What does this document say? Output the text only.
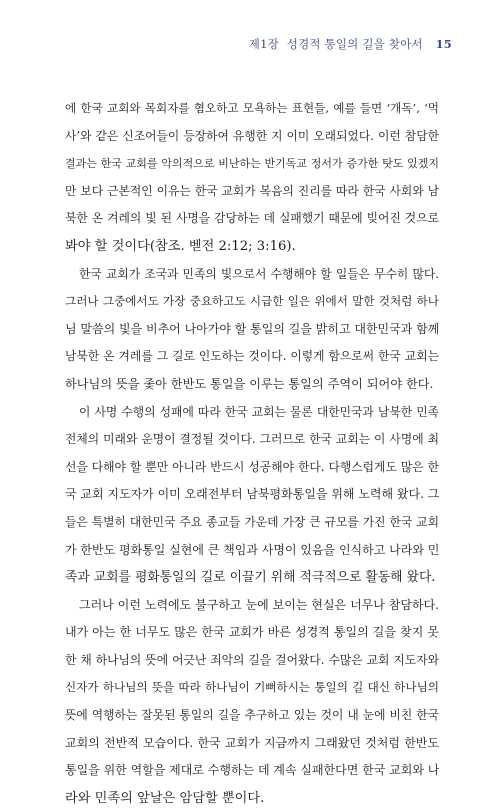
제1장 성경적 통일의 길을 찾아서 15
에 한국 교회와 목회자를 혐오하고 모욕하는 표현들, 예를 들면 ‘개독’, ‘먹
사’와 같은 신조어들이 등장하여 유행한 지 이미 오래되었다. 이런 참담한
결과는 한국 교회를 악의적으로 비난하는 반기독교 정서가 증가한 탓도 있겠지
만 보다 근본적인 이유는 한국 교회가 복음의 진리를 따라 한국 사회와 남
북한 온 겨레의 빛 된 사명을 감당하는 데 실패했기 때문에 빚어진 것으로
봐야 할 것이다(참조. 벧전 2:12; 3:16).
한국 교회가 조국과 민족의 빛으로서 수행해야 할 일들은 무수히 많다.
그러나 그중에서도 가장 중요하고도 시급한 일은 위에서 말한 것처럼 하나
님 말씀의 빛을 비추어 나아가야 할 통일의 길을 밝히고 대한민국과 함께
남북한 온 겨레를 그 길로 인도하는 것이다. 이렇게 함으로써 한국 교회는
하나님의 뜻을 좇아 한반도 통일을 이루는 통일의 주역이 되어야 한다.
이 사명 수행의 성패에 따라 한국 교회는 물론 대한민국과 남북한 민족
전체의 미래와 운명이 결정될 것이다. 그러므로 한국 교회는 이 사명에 최
선을 다해야 할 뿐만 아니라 반드시 성공해야 한다. 다행스럽게도 많은 한
국 교회 지도자가 이미 오래전부터 남북평화통일을 위해 노력해 왔다. 그
들은 특별히 대한민국 주요 종교들 가운데 가장 큰 규모를 가진 한국 교회
가 한반도 평화통일 실현에 큰 책임과 사명이 있음을 인식하고 나라와 민
족과 교회를 평화통일의 길로 이끌기 위해 적극적으로 활동해 왔다.
그러나 이런 노력에도 불구하고 눈에 보이는 현실은 너무나 참담하다.
내가 아는 한 너무도 많은 한국 교회가 바른 성경적 통일의 길을 찾지 못
한 채 하나님의 뜻에 어긋난 죄악의 길을 걸어왔다. 수많은 교회 지도자와
신자가 하나님의 뜻을 따라 하나님이 기뻐하시는 통일의 길 대신 하나님의
뜻에 역행하는 잘못된 통일의 길을 추구하고 있는 것이 내 눈에 비친 한국
교회의 전반적 모습이다. 한국 교회가 지금까지 그래왔던 것처럼 한반도
통일을 위한 역할을 제대로 수행하는 데 계속 실패한다면 한국 교회와 나
라와 민족의 앞날은 암담할 뿐이다.
